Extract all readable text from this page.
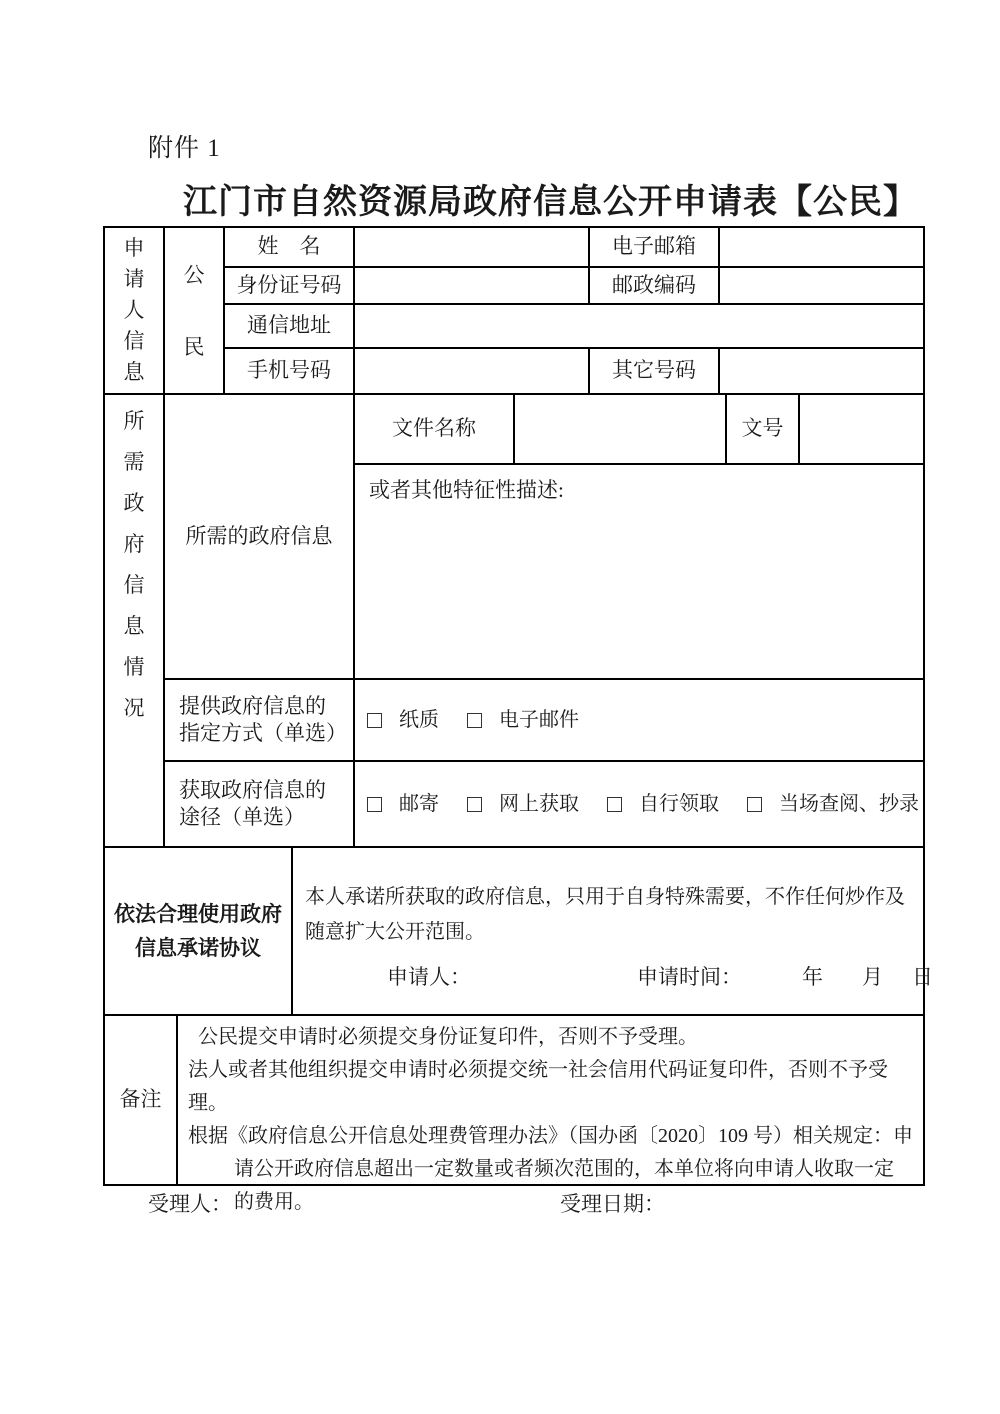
附件 1
江门市自然资源局政府信息公开申请表【公民】
申请人信息
公民
姓　名	电子邮箱
身份证号码	邮政编码
通信地址
手机号码	其它号码
所需政府信息情况
所需的政府信息
文件名称	文号
或者其他特征性描述:
提供政府信息的指定方式（单选）
纸质	电子邮件
获取政府信息的途径（单选）
邮寄	网上获取	自行领取	当场查阅、抄录
依法合理使用政府信息承诺协议
本人承诺所获取的政府信息，只用于自身特殊需要，不作任何炒作及随意扩大公开范围。
申请人：	申请时间：	年 月 日
备注

公民提交申请时必须提交身份证复印件，否则不予受理。

法人或者其他组织提交申请时必须提交统一社会信用代码证复印件，否则不予受理。

根据《政府信息公开信息处理费管理办法》（国办函〔2020〕109 号）相关规定：申请公开政府信息超出一定数量或者频次范围的，本单位将向申请人收取一定的费用。

受理人：	受理日期：
